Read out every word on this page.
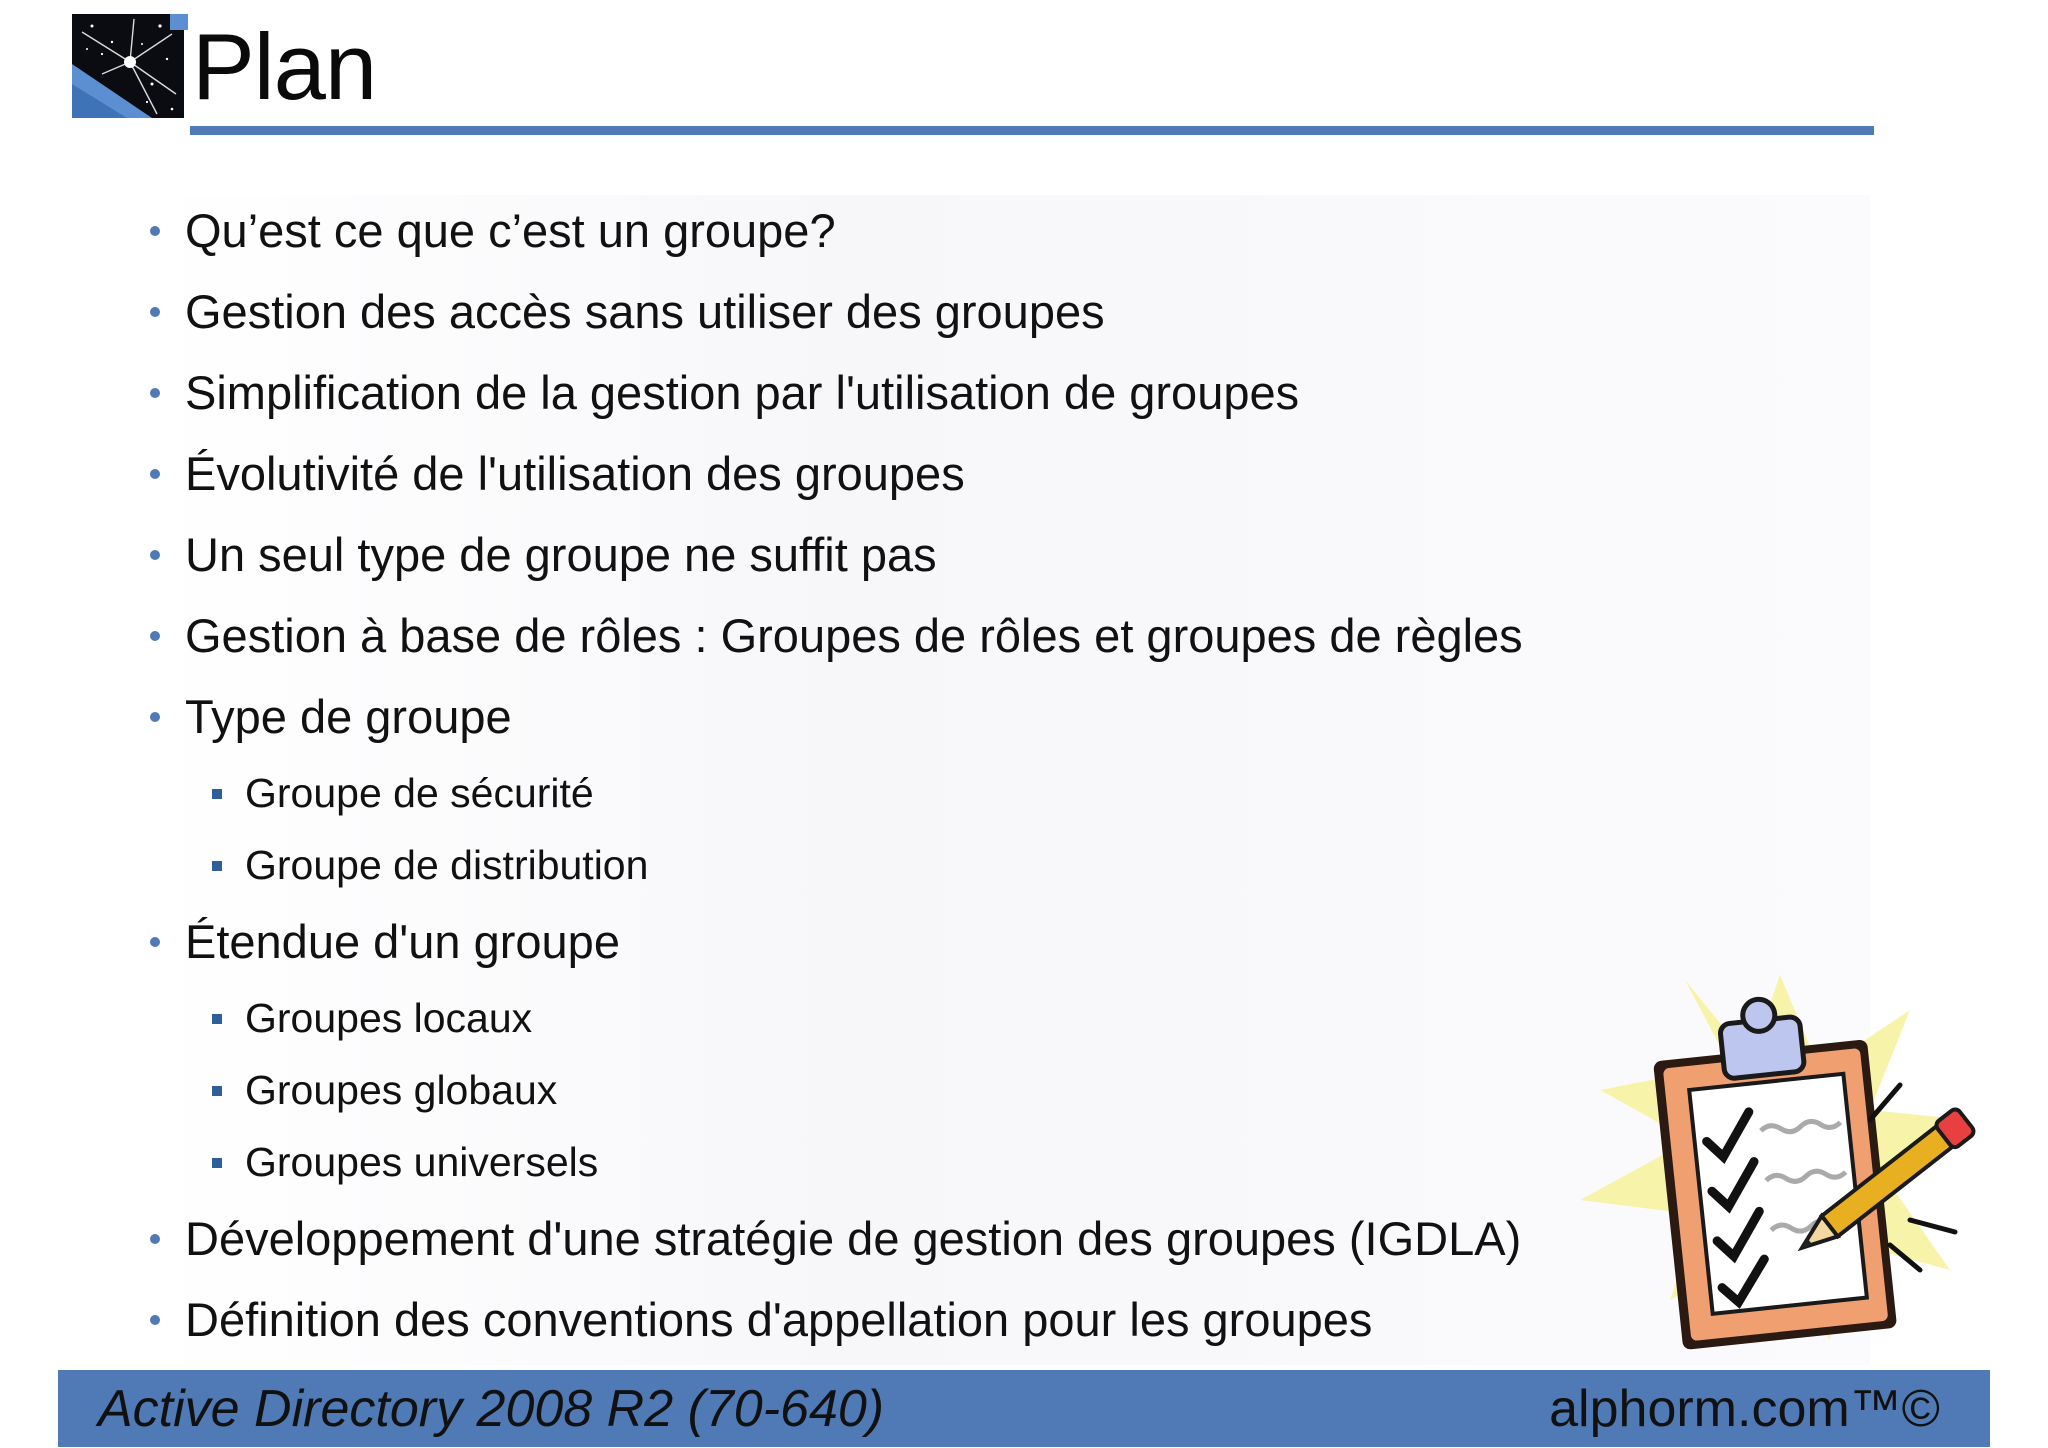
Plan
Qu’est ce que c’est un groupe?
Gestion des accès sans utiliser des groupes
Simplification de la gestion par l'utilisation de groupes
Évolutivité de l'utilisation des groupes
Un seul type de groupe ne suffit pas
Gestion à base de rôles : Groupes de rôles et groupes de règles
Type de groupe
Groupe de sécurité
Groupe de distribution
Étendue d'un groupe
Groupes locaux
Groupes globaux
Groupes universels
Développement d'une stratégie de gestion des groupes (IGDLA)
Définition des conventions d'appellation pour les groupes
Active Directory 2008 R2 (70-640)	alphorm.com™©
